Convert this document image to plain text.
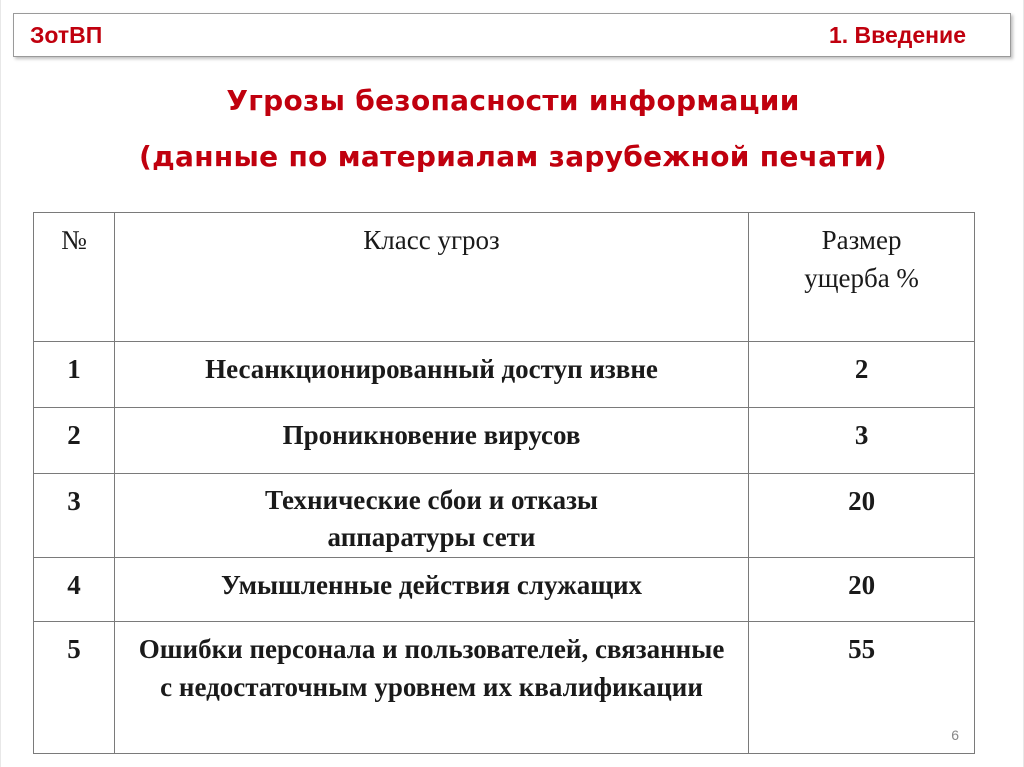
ЗотВП	1. Введение
Угрозы безопасности информации
(данные по материалам зарубежной печати)
№	Класс угроз	Размер ущерба %
1	Несанкционированный доступ извне	2
2	Проникновение вирусов	3
3	Технические сбои и отказы аппаратуры сети	20
4	Умышленные действия служащих	20
5	Ошибки персонала и пользователей, связанные с недостаточным уровнем их квалификации	55
6
